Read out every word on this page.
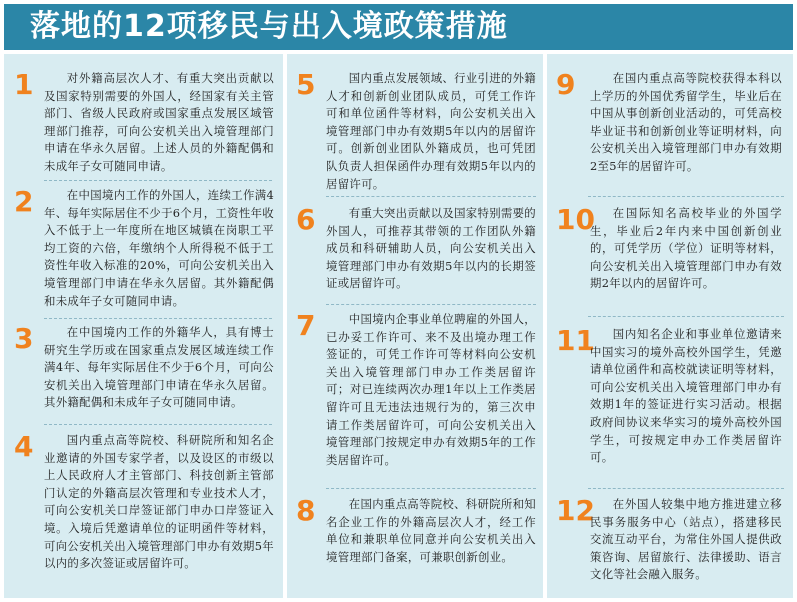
落地的12项移民与出入境政策措施
1	对外籍高层次人才、有重大突出贡献以及国家特别需要的外国人，经国家有关主管部门、省级人民政府或国家重点发展区域管理部门推荐，可向公安机关出入境管理部门申请在华永久居留。上述人员的外籍配偶和未成年子女可随同申请。
2	在中国境内工作的外国人，连续工作满4年、每年实际居住不少于6个月，工资性年收入不低于上一年度所在地区城镇在岗职工平均工资的六倍，年缴纳个人所得税不低于工资性年收入标准的20%，可向公安机关出入境管理部门申请在华永久居留。其外籍配偶和未成年子女可随同申请。
3	在中国境内工作的外籍华人，具有博士研究生学历或在国家重点发展区域连续工作满4年、每年实际居住不少于6个月，可向公安机关出入境管理部门申请在华永久居留。其外籍配偶和未成年子女可随同申请。
4	国内重点高等院校、科研院所和知名企业邀请的外国专家学者，以及设区的市级以上人民政府人才主管部门、科技创新主管部门认定的外籍高层次管理和专业技术人才，可向公安机关口岸签证部门申办口岸签证入境。入境后凭邀请单位的证明函件等材料，可向公安机关出入境管理部门申办有效期5年以内的多次签证或居留许可。
5	国内重点发展领域、行业引进的外籍人才和创新创业团队成员，可凭工作许可和单位函件等材料，向公安机关出入境管理部门申办有效期5年以内的居留许可。创新创业团队外籍成员，也可凭团队负责人担保函件办理有效期5年以内的居留许可。
6	有重大突出贡献以及国家特别需要的外国人，可推荐其带领的工作团队外籍成员和科研辅助人员，向公安机关出入境管理部门申办有效期5年以内的长期签证或居留许可。
7	中国境内企事业单位聘雇的外国人，已办妥工作许可、来不及出境办理工作签证的，可凭工作许可等材料向公安机关出入境管理部门申办工作类居留许可；对已连续两次办理1年以上工作类居留许可且无违法违规行为的，第三次申请工作类居留许可，可向公安机关出入境管理部门按规定申办有效期5年的工作类居留许可。
8	在国内重点高等院校、科研院所和知名企业工作的外籍高层次人才，经工作单位和兼职单位同意并向公安机关出入境管理部门备案，可兼职创新创业。
9	在国内重点高等院校获得本科以上学历的外国优秀留学生，毕业后在中国从事创新创业活动的，可凭高校毕业证书和创新创业等证明材料，向公安机关出入境管理部门申办有效期2至5年的居留许可。
10	在国际知名高校毕业的外国学生，毕业后2年内来中国创新创业的，可凭学历（学位）证明等材料，向公安机关出入境管理部门申办有效期2年以内的居留许可。
11	国内知名企业和事业单位邀请来中国实习的境外高校外国学生，凭邀请单位函件和高校就读证明等材料，可向公安机关出入境管理部门申办有效期1年的签证进行实习活动。根据政府间协议来华实习的境外高校外国学生，可按规定申办工作类居留许可。
12	在外国人较集中地方推进建立移民事务服务中心（站点），搭建移民交流互动平台，为常住外国人提供政策咨询、居留旅行、法律援助、语言文化等社会融入服务。
